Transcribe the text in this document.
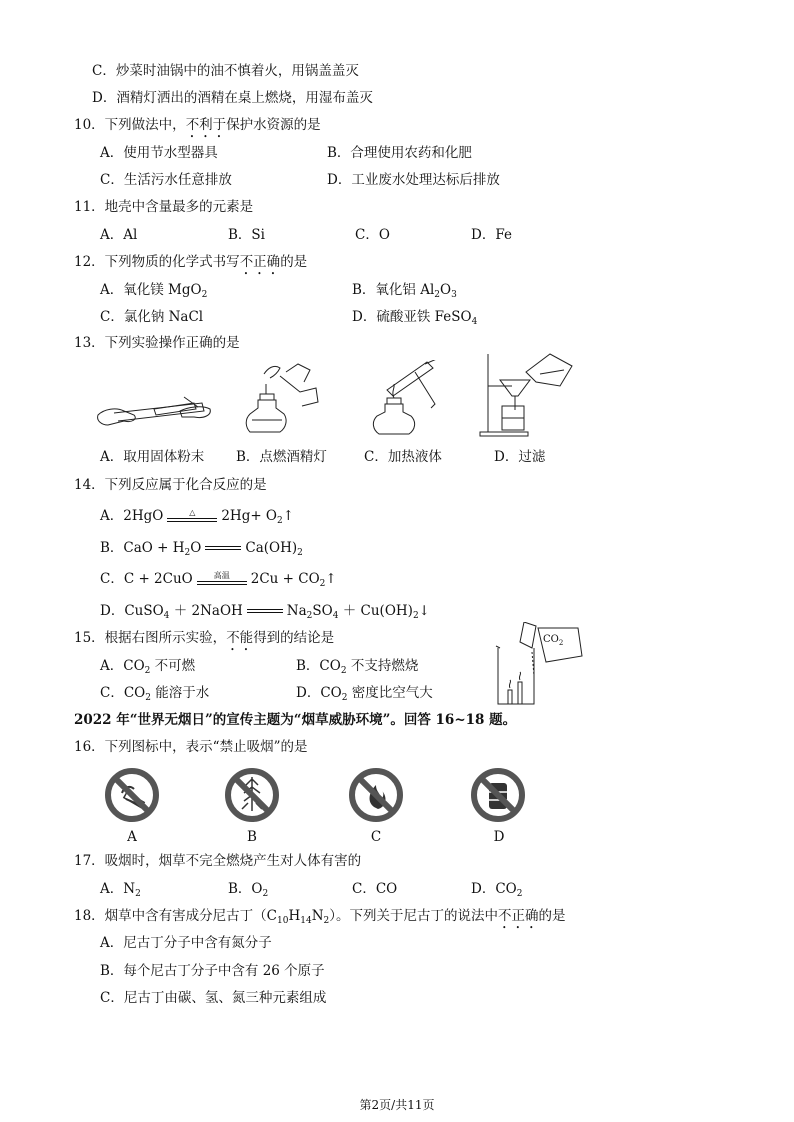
C．炒菜时油锅中的油不慎着火，用锅盖盖灭
D．酒精灯洒出的酒精在桌上燃烧，用湿布盖灭
10．下列做法中，不利于保护水资源的是
A．使用节水型器具	B．合理使用农药和化肥
C．生活污水任意排放	D．工业废水处理达标后排放
11．地壳中含量最多的元素是
A．Al	B．Si	C．O	D．Fe
12．下列物质的化学式书写不正确的是
A．氧化镁 MgO$_2$	B．氧化铝 $Al_2O_3$
C．氯化钠 NaCl	D．硫酸亚铁 FeSO$_4$
13．下列实验操作正确的是
A．取用固体粉末 B．点燃酒精灯	C．加热液体	D．过滤
14．下列反应属于化合反应的是
A．2HgO	△	$2Hg+ O_2↑$
B．CaO + $H_2O$	$Ca(OH)_2$
C．C + 2CuO	高温	$2Cu + CO_2↑$
D．CuSO$_4$ ＋ 2NaOH	$Na_2SO_4$ ＋ $Cu(OH)_2↓$
15．根据右图所示实验，不能得到的结论是
A．$CO_2$ 不可燃	B．$CO_2$ 不支持燃烧
C．$CO_2$ 能溶于水	D．$CO_2$ 密度比空气大
$CO_2$
2022 年“世界无烟日”的宣传主题为“烟草威胁环境”。回答 16~18 题。
16．下列图标中，表示“禁止吸烟”的是
A	B	C	D
17．吸烟时，烟草不完全燃烧产生对人体有害的
A．$N_2$	B．$O_2$	C．CO	D．$CO_2$
18．烟草中含有害成分尼古丁$(C_{10}H_{14}N_2)$。下列关于尼古丁的说法中不正确的是
A．尼古丁分子中含有氮分子
B．每个尼古丁分子中含有 26 个原子
C．尼古丁由碳、氢、氮三种元素组成
第2页/共11页
